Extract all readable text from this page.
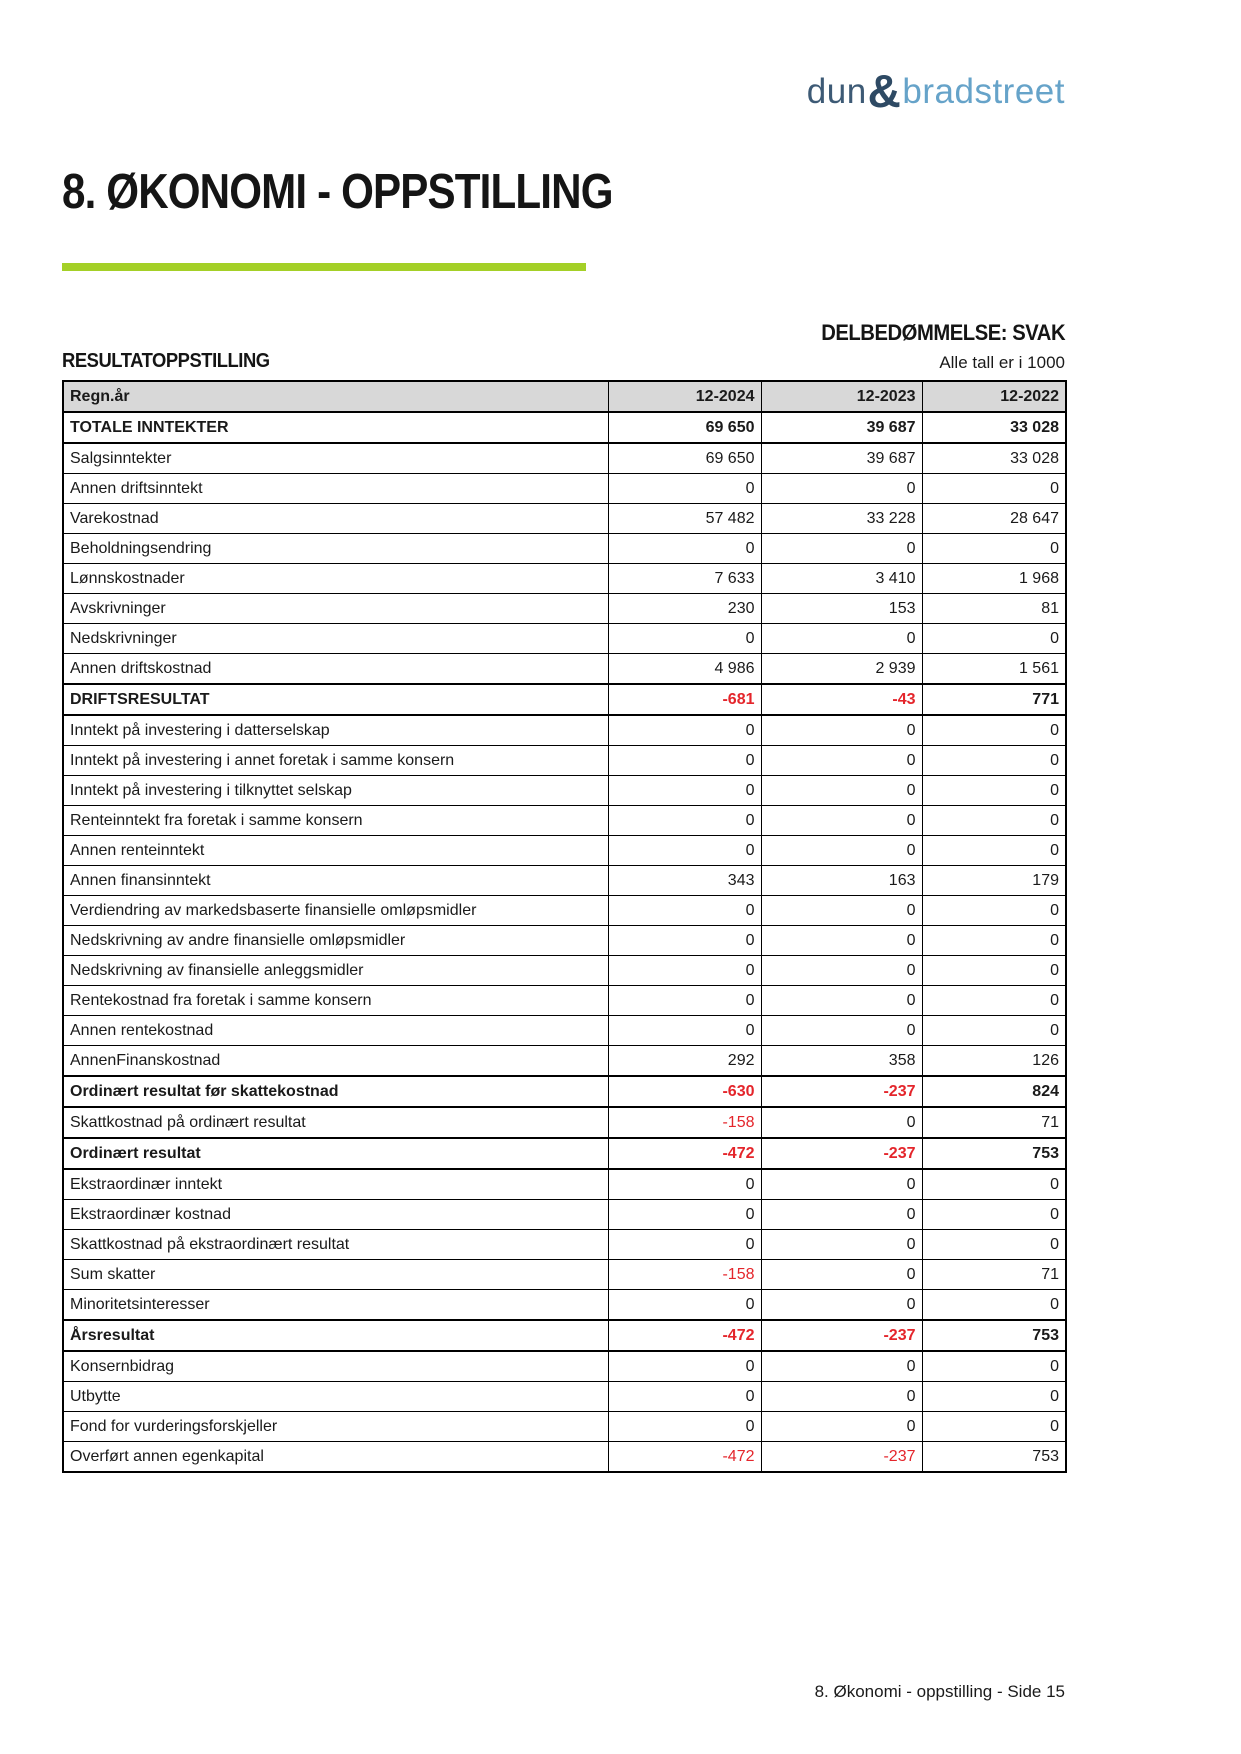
dun&bradstreet
8. ØKONOMI - OPPSTILLING
DELBEDØMMELSE: SVAK
RESULTATOPPSTILLING	Alle tall er i 1000
Regn.år	12-2024	12-2023	12-2022
TOTALE INNTEKTER	69 650	39 687	33 028
Salgsinntekter	69 650	39 687	33 028
Annen driftsinntekt	0	0	0
Varekostnad	57 482	33 228	28 647
Beholdningsendring	0	0	0
Lønnskostnader	7 633	3 410	1 968
Avskrivninger	230	153	81
Nedskrivninger	0	0	0
Annen driftskostnad	4 986	2 939	1 561
DRIFTSRESULTAT	-681	-43	771
Inntekt på investering i datterselskap	0	0	0
Inntekt på investering i annet foretak i samme konsern	0	0	0
Inntekt på investering i tilknyttet selskap	0	0	0
Renteinntekt fra foretak i samme konsern	0	0	0
Annen renteinntekt	0	0	0
Annen finansinntekt	343	163	179
Verdiendring av markedsbaserte finansielle omløpsmidler	0	0	0
Nedskrivning av andre finansielle omløpsmidler	0	0	0
Nedskrivning av finansielle anleggsmidler	0	0	0
Rentekostnad fra foretak i samme konsern	0	0	0
Annen rentekostnad	0	0	0
AnnenFinanskostnad	292	358	126
Ordinært resultat før skattekostnad	-630	-237	824
Skattkostnad på ordinært resultat	-158	0	71
Ordinært resultat	-472	-237	753
Ekstraordinær inntekt	0	0	0
Ekstraordinær kostnad	0	0	0
Skattkostnad på ekstraordinært resultat	0	0	0
Sum skatter	-158	0	71
Minoritetsinteresser	0	0	0
Årsresultat	-472	-237	753
Konsernbidrag	0	0	0
Utbytte	0	0	0
Fond for vurderingsforskjeller	0	0	0
Overført annen egenkapital	-472	-237	753
8. Økonomi - oppstilling - Side 15
